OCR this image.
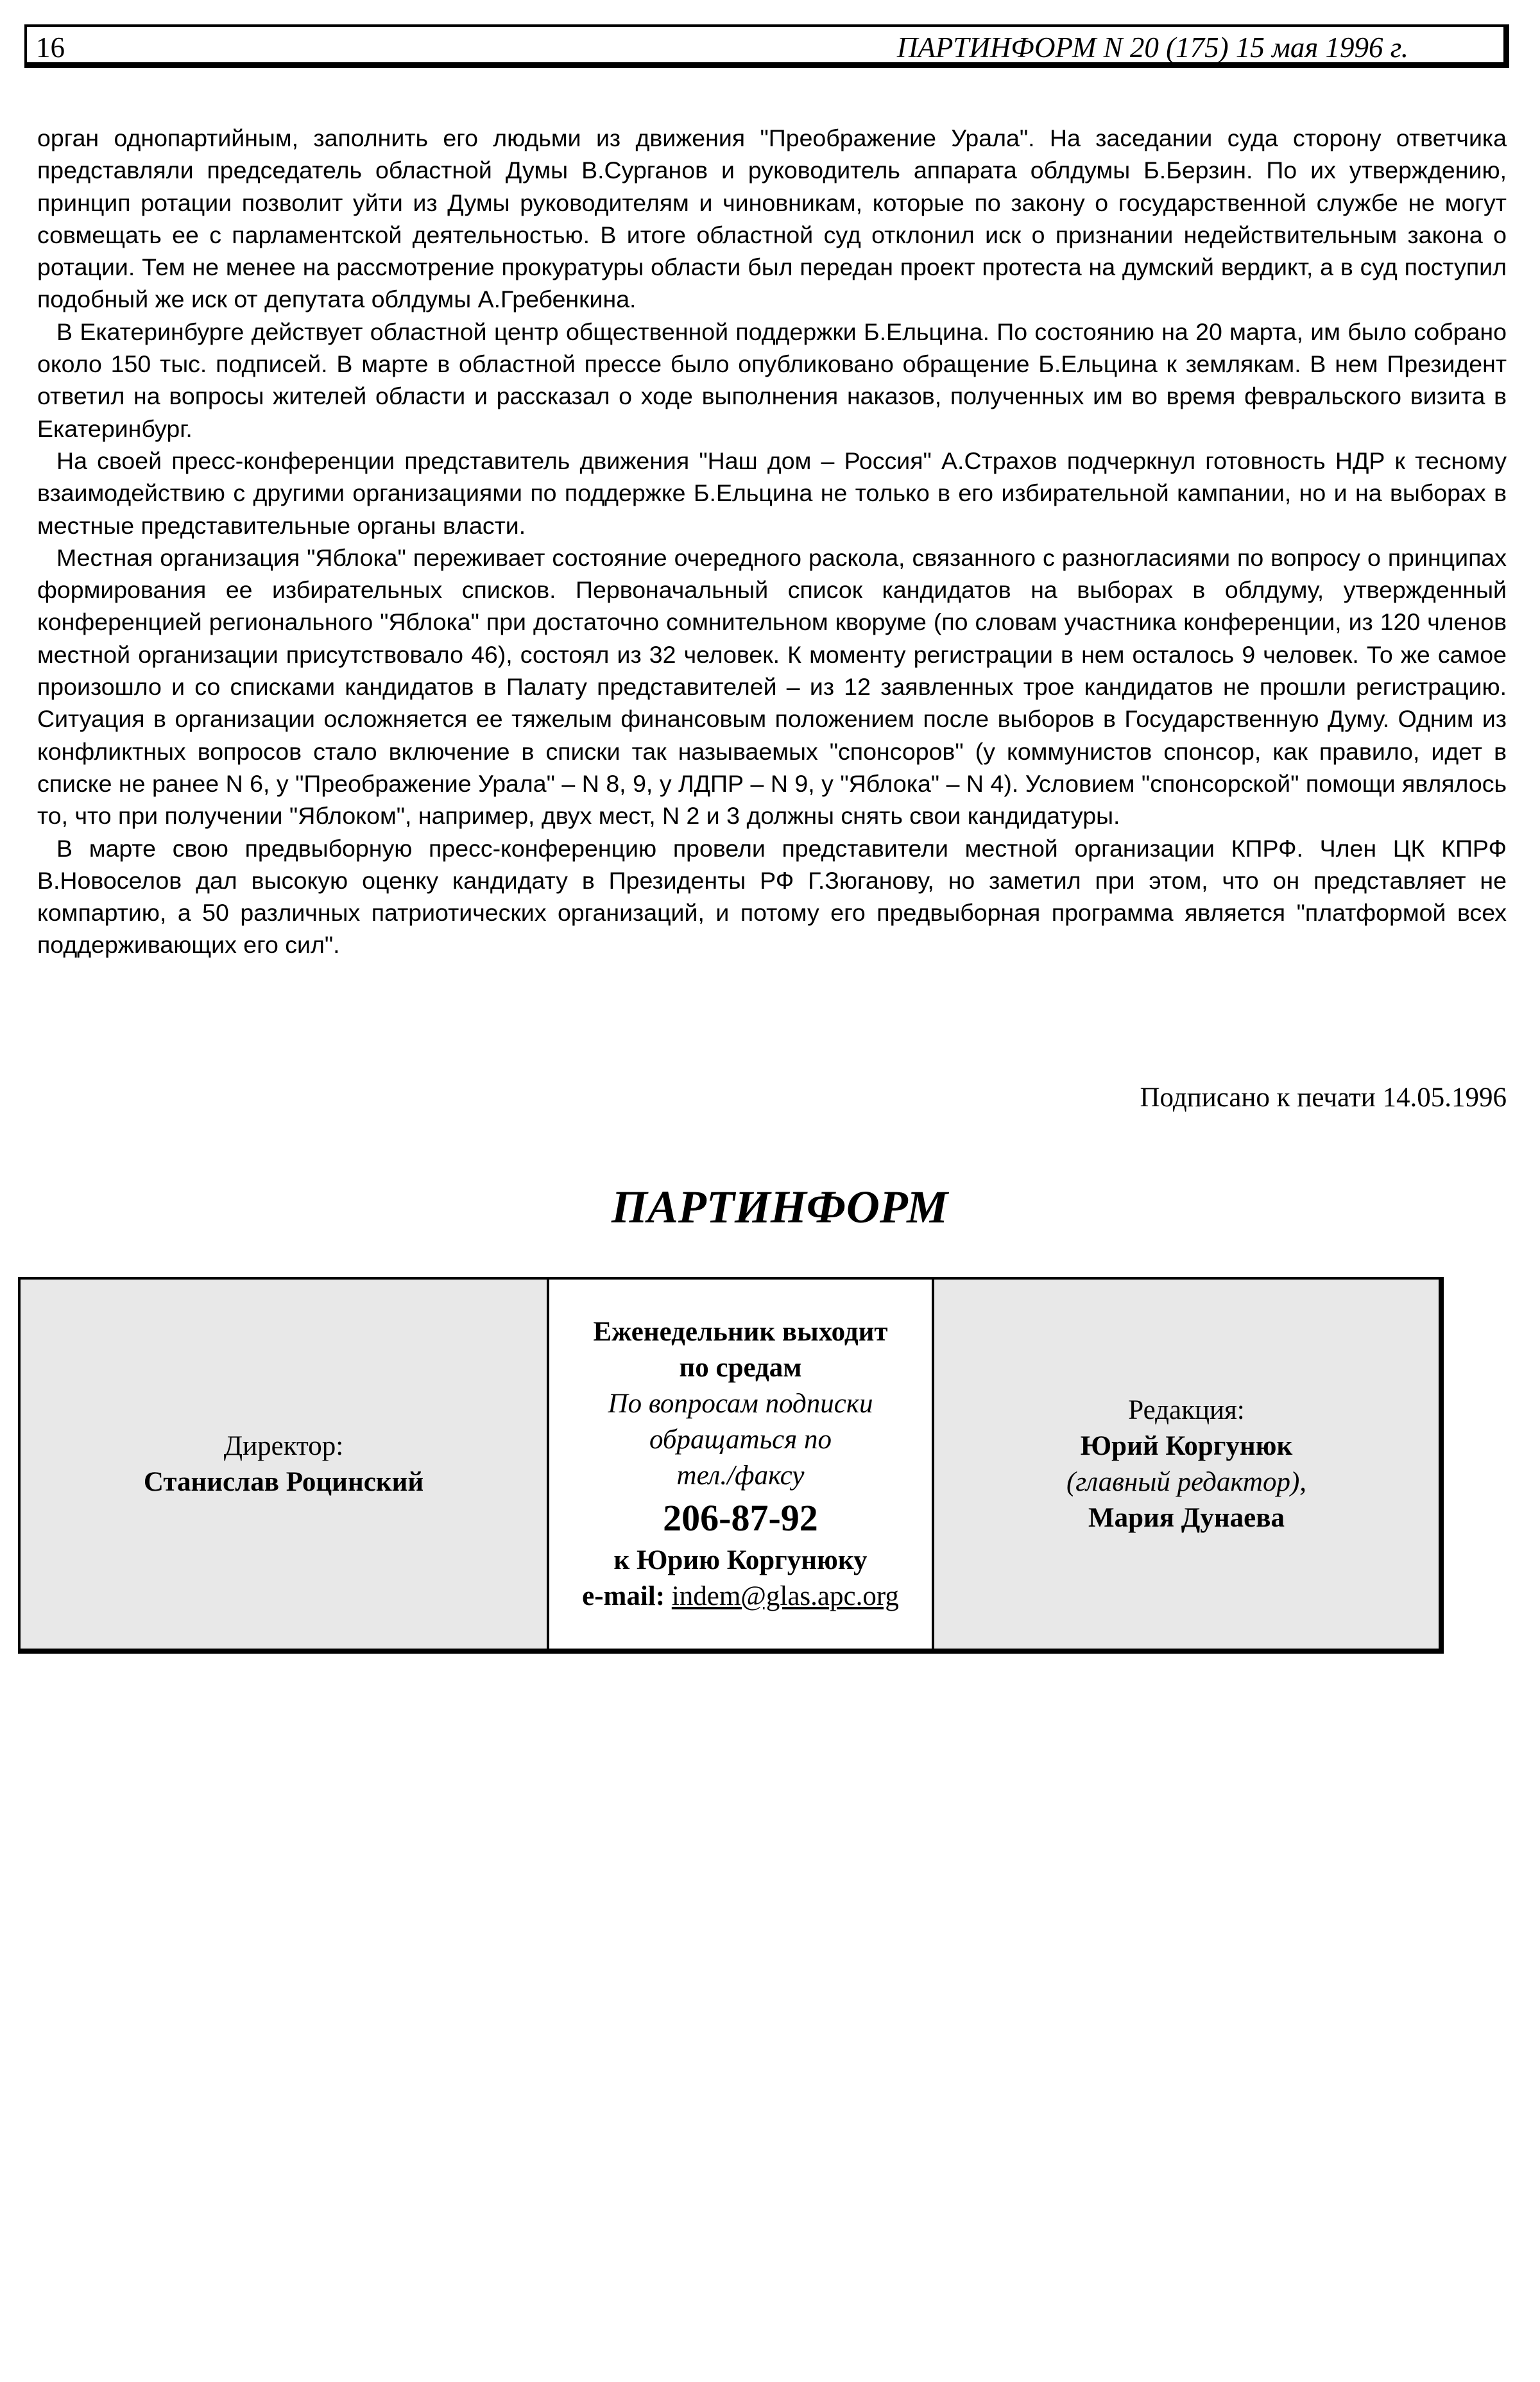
16	ПАРТИНФОРМ N 20 (175) 15 мая 1996 г.

орган однопартийным, заполнить его людьми из движения "Преображение Урала". На заседании суда сторону ответчика представляли председатель областной Думы В.Сурганов и руководитель аппарата облдумы Б.Берзин. По их утверждению, принцип ротации позволит уйти из Думы руководителям и чиновникам, которые по закону о государственной службе не могут совмещать ее с парламентской деятельностью. В итоге областной суд отклонил иск о признании недействительным закона о ротации. Тем не менее на рассмотрение прокуратуры области был передан проект протеста на думский вердикт, а в суд поступил подобный же иск от депутата облдумы А.Гребенкина.

В Екатеринбурге действует областной центр общественной поддержки Б.Ельцина. По состоянию на 20 марта, им было собрано около 150 тыс. подписей. В марте в областной прессе было опубликовано обращение Б.Ельцина к землякам. В нем Президент ответил на вопросы жителей области и рассказал о ходе выполнения наказов, полученных им во время февральского визита в Екатеринбург.

На своей пресс-конференции представитель движения "Наш дом – Россия" А.Страхов подчеркнул готовность НДР к тесному взаимодействию с другими организациями по поддержке Б.Ельцина не только в его избирательной кампании, но и на выборах в местные представительные органы власти.

Местная организация "Яблока" переживает состояние очередного раскола, связанного с разногласиями по вопросу о принципах формирования ее избирательных списков. Первоначальный список кандидатов на выборах в облдуму, утвержденный конференцией регионального "Яблока" при достаточно сомнительном кворуме (по словам участника конференции, из 120 членов местной организации присутствовало 46), состоял из 32 человек. К моменту регистрации в нем осталось 9 человек. То же самое произошло и со списками кандидатов в Палату представителей – из 12 заявленных трое кандидатов не прошли регистрацию. Ситуация в организации осложняется ее тяжелым финансовым положением после выборов в Государственную Думу. Одним из конфликтных вопросов стало включение в списки так называемых "спонсоров" (у коммунистов спонсор, как правило, идет в списке не ранее N 6, у "Преображение Урала" – N 8, 9, у ЛДПР – N 9, у "Яблока" – N 4). Условием "спонсорской" помощи являлось то, что при получении "Яблоком", например, двух мест, N 2 и 3 должны снять свои кандидатуры.

В марте свою предвыборную пресс-конференцию провели представители местной организации КПРФ. Член ЦК КПРФ В.Новоселов дал высокую оценку кандидату в Президенты РФ Г.Зюганову, но заметил при этом, что он представляет не компартию, а 50 различных патриотических организаций, и потому его предвыборная программа является "платформой всех поддерживающих его сил".

Подписано к печати 14.05.1996
ПАРТИНФОРМ
Директор:
Станислав Роцинский
Еженедельник выходит
по средам
По вопросам подписки
обращаться по
тел./факсу
206-87-92
к Юрию Коргунюку
e-mail: indem@glas.apc.org
Редакция:
Юрий Коргунюк
(главный редактор),
Мария Дунаева
